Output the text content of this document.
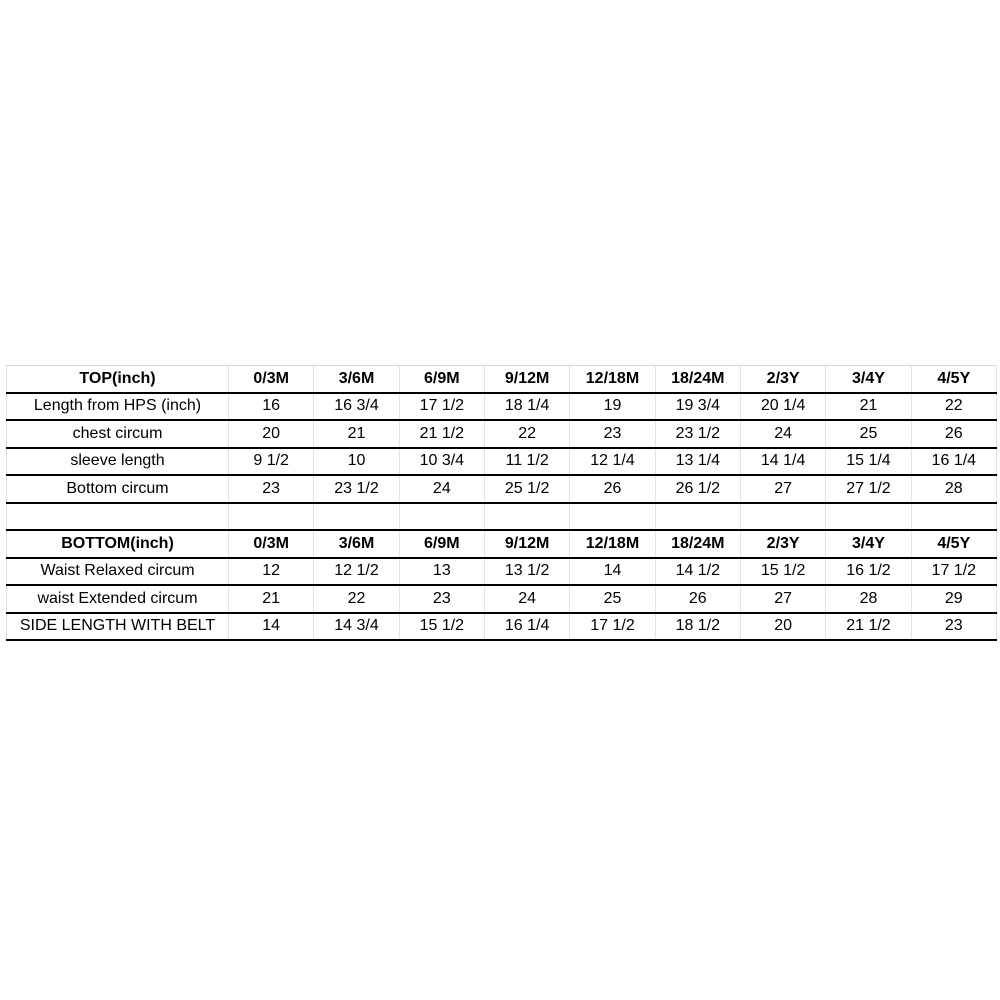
TOP(inch)	0/3M	3/6M	6/9M	9/12M	12/18M	18/24M	2/3Y	3/4Y	4/5Y
Length from HPS (inch)	16	16 3/4	17 1/2	18 1/4	19	19 3/4	20 1/4	21	22
chest circum	20	21	21 1/2	22	23	23 1/2	24	25	26
sleeve length	9 1/2	10	10 3/4	11 1/2	12 1/4	13 1/4	14 1/4	15 1/4	16 1/4
Bottom circum	23	23 1/2	24	25 1/2	26	26 1/2	27	27 1/2	28

BOTTOM(inch)	0/3M	3/6M	6/9M	9/12M	12/18M	18/24M	2/3Y	3/4Y	4/5Y
Waist Relaxed circum	12	12 1/2	13	13 1/2	14	14 1/2	15 1/2	16 1/2	17 1/2
waist Extended circum	21	22	23	24	25	26	27	28	29
SIDE LENGTH WITH BELT	14	14 3/4	15 1/2	16 1/4	17 1/2	18 1/2	20	21 1/2	23
